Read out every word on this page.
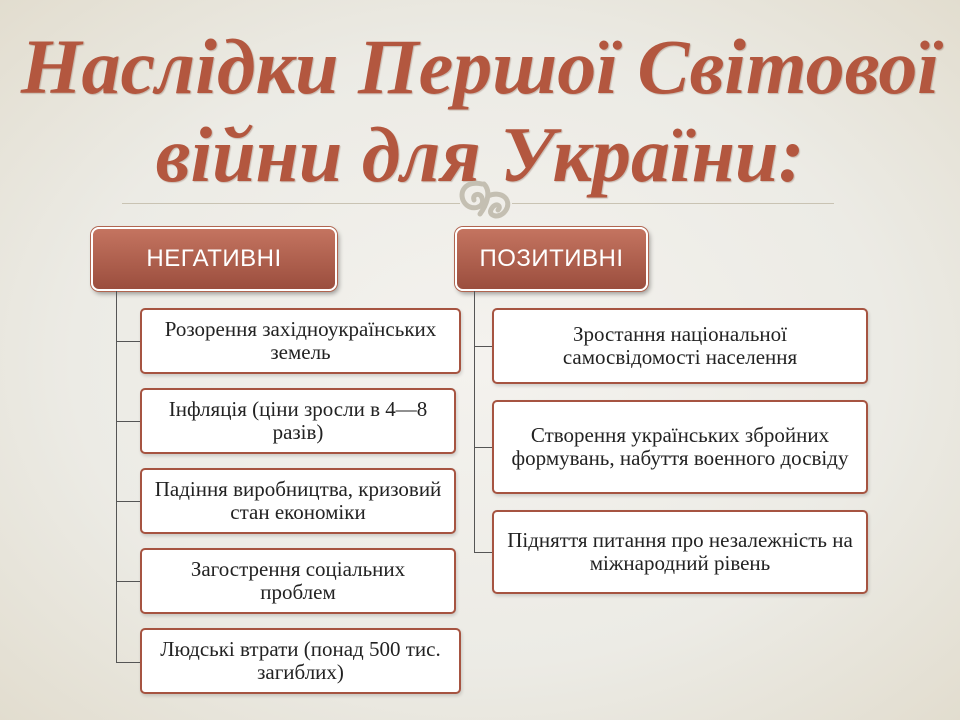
Наслідки Першої Світової
війни для України:
НЕГАТИВНІ	ПОЗИТИВНІ
Розорення західноукраїнських земель
Інфляція (ціни зросли в 4—8 разів)
Падіння виробництва, кризовий стан економіки
Загострення соціальних проблем
Людські втрати (понад 500 тис. загиблих)
Зростання національної самосвідомості населення
Створення українських збройних формувань, набуття военного досвіду
Підняття питання про незалежність на міжнародний рівень
